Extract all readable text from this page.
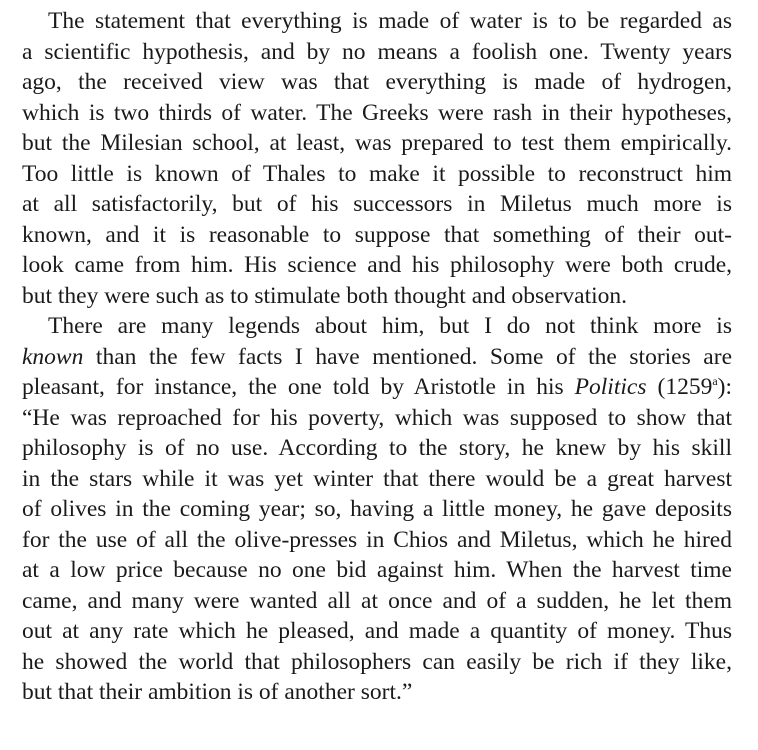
The statement that everything is made of water is to be regarded as
a scientific hypothesis, and by no means a foolish one. Twenty years
ago, the received view was that everything is made of hydrogen,
which is two thirds of water. The Greeks were rash in their hypotheses,
but the Milesian school, at least, was prepared to test them empirically.
Too little is known of Thales to make it possible to reconstruct him
at all satisfactorily, but of his successors in Miletus much more is
known, and it is reasonable to suppose that something of their out-
look came from him. His science and his philosophy were both crude,
but they were such as to stimulate both thought and observation.
There are many legends about him, but I do not think more is
known than the few facts I have mentioned. Some of the stories are
pleasant, for instance, the one told by Aristotle in his Politics (1259$^a$):
“He was reproached for his poverty, which was supposed to show that
philosophy is of no use. According to the story, he knew by his skill
in the stars while it was yet winter that there would be a great harvest
of olives in the coming year; so, having a little money, he gave deposits
for the use of all the olive-presses in Chios and Miletus, which he hired
at a low price because no one bid against him. When the harvest time
came, and many were wanted all at once and of a sudden, he let them
out at any rate which he pleased, and made a quantity of money. Thus
he showed the world that philosophers can easily be rich if they like,
but that their ambition is of another sort.”
